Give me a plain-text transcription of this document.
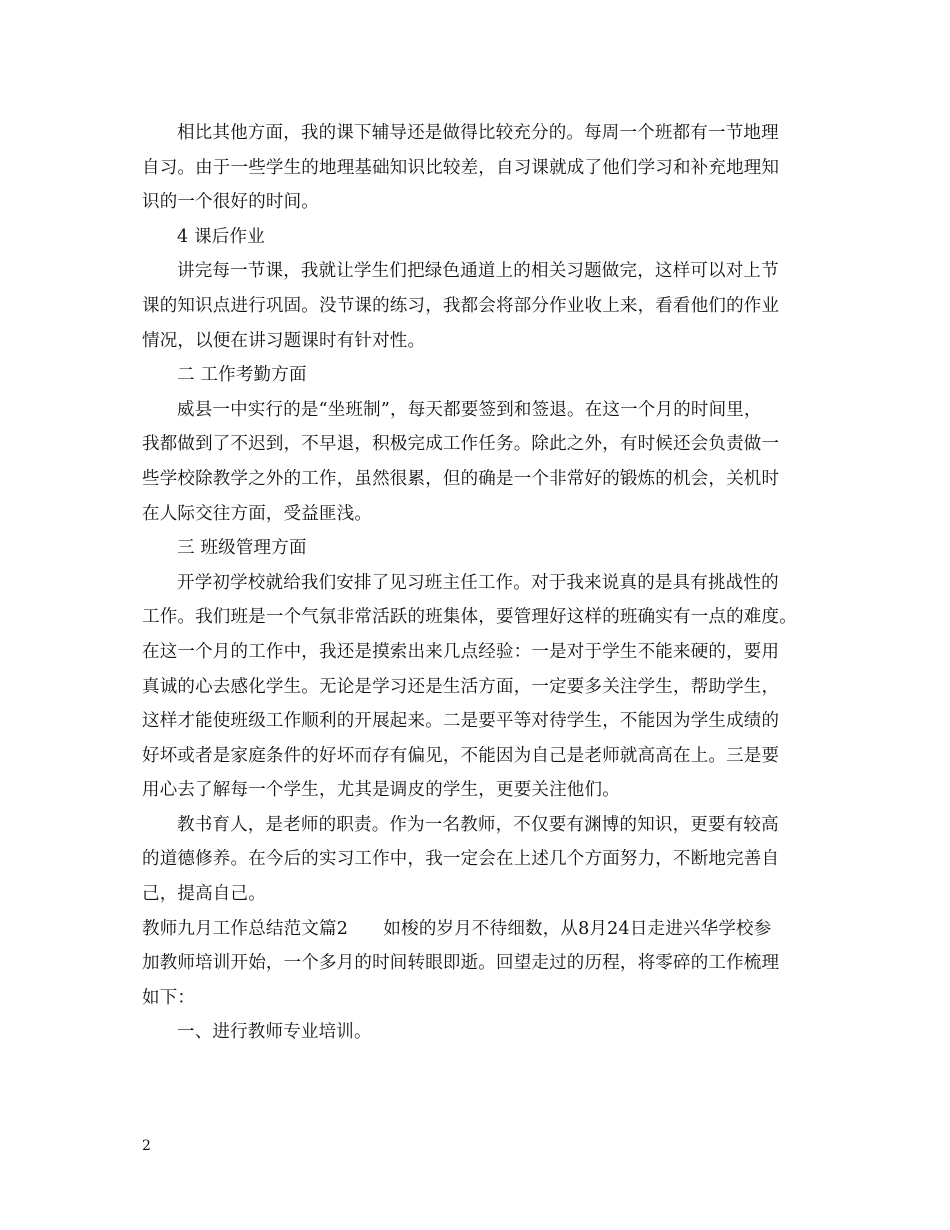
相比其他方面，我的课下辅导还是做得比较充分的。每周一个班都有一节地理
自习。由于一些学生的地理基础知识比较差，自习课就成了他们学习和补充地理知
识的一个很好的时间。
4 课后作业
讲完每一节课，我就让学生们把绿色通道上的相关习题做完，这样可以对上节
课的知识点进行巩固。没节课的练习，我都会将部分作业收上来，看看他们的作业
情况，以便在讲习题课时有针对性。
二 工作考勤方面
威县一中实行的是“坐班制”，每天都要签到和签退。在这一个月的时间里，
我都做到了不迟到，不早退，积极完成工作任务。除此之外，有时候还会负责做一
些学校除教学之外的工作，虽然很累，但的确是一个非常好的锻炼的机会，关机时
在人际交往方面，受益匪浅。
三 班级管理方面
开学初学校就给我们安排了见习班主任工作。对于我来说真的是具有挑战性的
工作。我们班是一个气氛非常活跃的班集体，要管理好这样的班确实有一点的难度。
在这一个月的工作中，我还是摸索出来几点经验：一是对于学生不能来硬的，要用
真诚的心去感化学生。无论是学习还是生活方面，一定要多关注学生，帮助学生，
这样才能使班级工作顺利的开展起来。二是要平等对待学生，不能因为学生成绩的
好坏或者是家庭条件的好坏而存有偏见，不能因为自己是老师就高高在上。三是要
用心去了解每一个学生，尤其是调皮的学生，更要关注他们。
教书育人，是老师的职责。作为一名教师，不仅要有渊博的知识，更要有较高
的道德修养。在今后的实习工作中，我一定会在上述几个方面努力，不断地完善自
己，提高自己。
教师九月工作总结范文篇2　　如梭的岁月不待细数，从8月24日走进兴华学校参
加教师培训开始，一个多月的时间转眼即逝。回望走过的历程，将零碎的工作梳理
如下：
一、进行教师专业培训。
2
